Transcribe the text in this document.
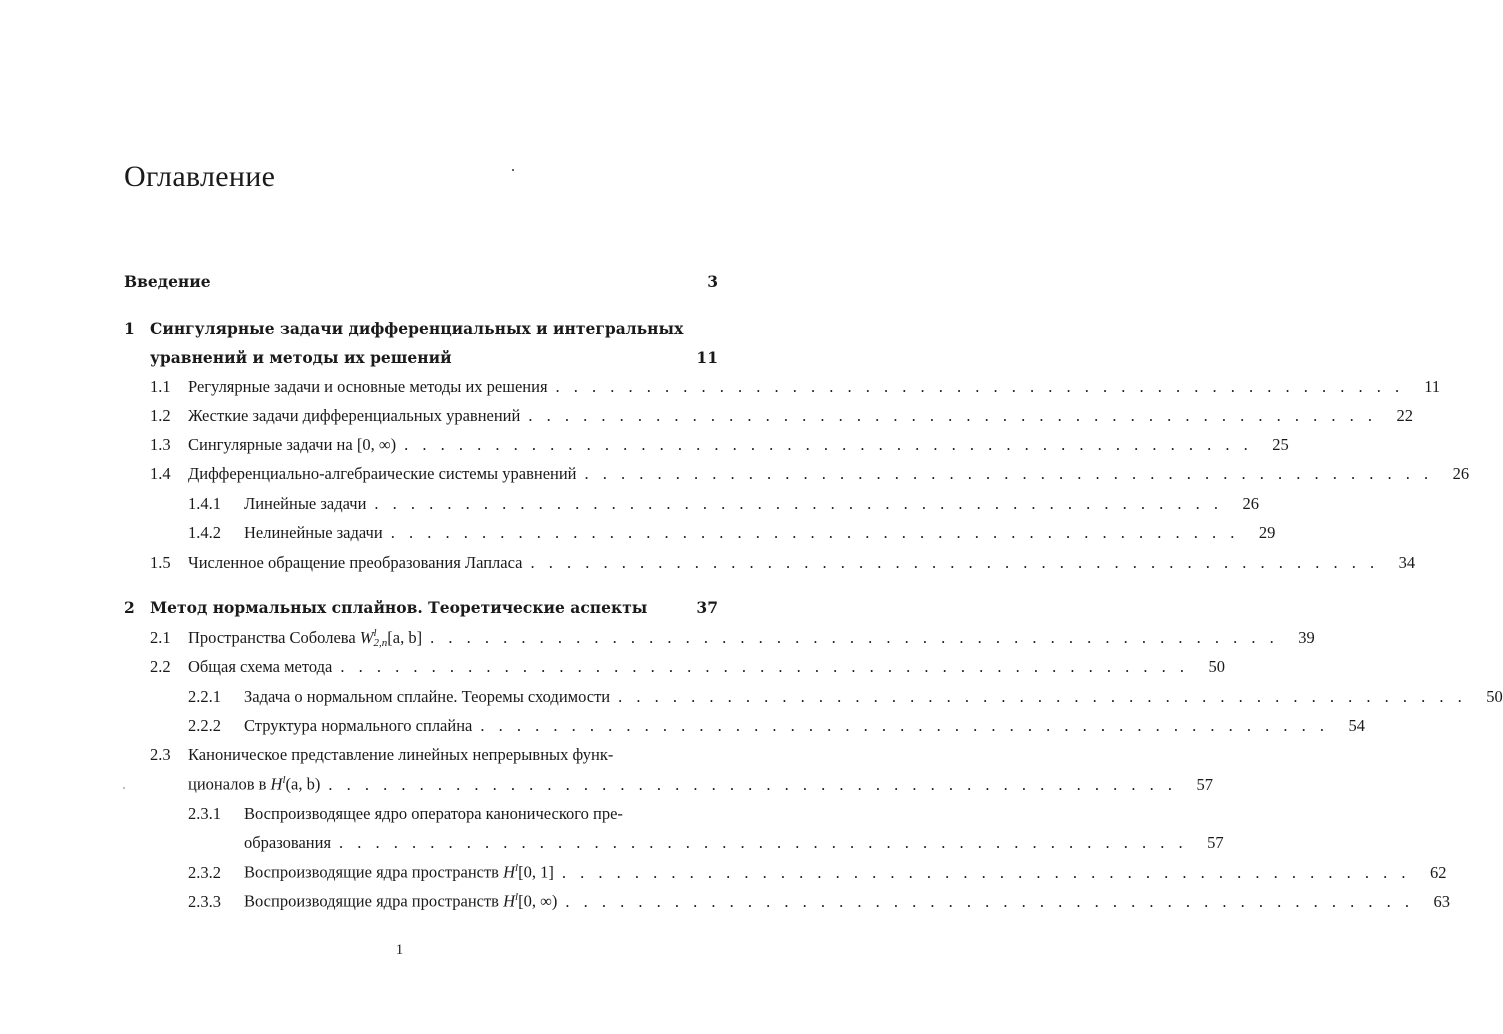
Оглавление
Введение	3
1 Сингулярные задачи дифференциальных и интегральных
уравнений и методы их решений	11
1.1	Регулярные задачи и основные методы их решения . . . . . . . . . . . . . . . . . . . . . . . . . . . . . . . . . . . . . . . . . . . . . . .	11
1.2	Жесткие задачи дифференциальных уравнений . . . . . . . . . . . . . . . . . . . . . . . . . . . . . . . . . . . . . . . . . . . . . . .	22
1.3	Сингулярные задачи на [0, ∞) . . . . . . . . . . . . . . . . . . . . . . . . . . . . . . . . . . . . . . . . . . . . . . .	25
1.4	Дифференциально-алгебраические системы уравнений . . . . . . . . . . . . . . . . . . . . . . . . . . . . . . . . . . . . . . . . . . . . . . .	26
1.4.1	Линейные задачи . . . . . . . . . . . . . . . . . . . . . . . . . . . . . . . . . . . . . . . . . . . . . . .	26
1.4.2	Нелинейные задачи . . . . . . . . . . . . . . . . . . . . . . . . . . . . . . . . . . . . . . . . . . . . . . .	29
1.5	Численное обращение преобразования Лапласа . . . . . . . . . . . . . . . . . . . . . . . . . . . . . . . . . . . . . . . . . . . . . . .	34
2 Метод нормальных сплайнов. Теоретические аспекты	37
2.1	Пространства Соболева W l
2,n [a, b] . . . . . . . . . . . . . . . . . . . . . . . . . . . . . . . . . . . . . . . . . . . . . . .	39
2.2	Общая схема метода . . . . . . . . . . . . . . . . . . . . . . . . . . . . . . . . . . . . . . . . . . . . . . .	50
2.2.1	Задача о нормальном сплайне. Теоремы сходимости . . . . . . . . . . . . . . . . . . . . . . . . . . . . . . . . . . . . . . . . . . . . . . .	50
2.2.2	Структура нормального сплайна . . . . . . . . . . . . . . . . . . . . . . . . . . . . . . . . . . . . . . . . . . . . . . .	54
2.3 Каноническое представление линейных непрерывных функ-
ционалов в $H^l(a$, b) . . . . . . . . . . . . . . . . . . . . . . . . . . . . . . . . . . . . . . . . . . . . . . .	57
2.3.1 Воспроизводящее ядро оператора канонического пре-
образования . . . . . . . . . . . . . . . . . . . . . . . . . . . . . . . . . . . . . . . . . . . . . . .	57
2.3.2	Воспроизводящие ядра пространств $H^l[0$, 1] . . . . . . . . . . . . . . . . . . . . . . . . . . . . . . . . . . . . . . . . . . . . . . .	62
2.3.3	Воспроизводящие ядра пространств $H^l[0$, ∞) . . . . . . . . . . . . . . . . . . . . . . . . . . . . . . . . . . . . . . . . . . . . . . .	63
1
